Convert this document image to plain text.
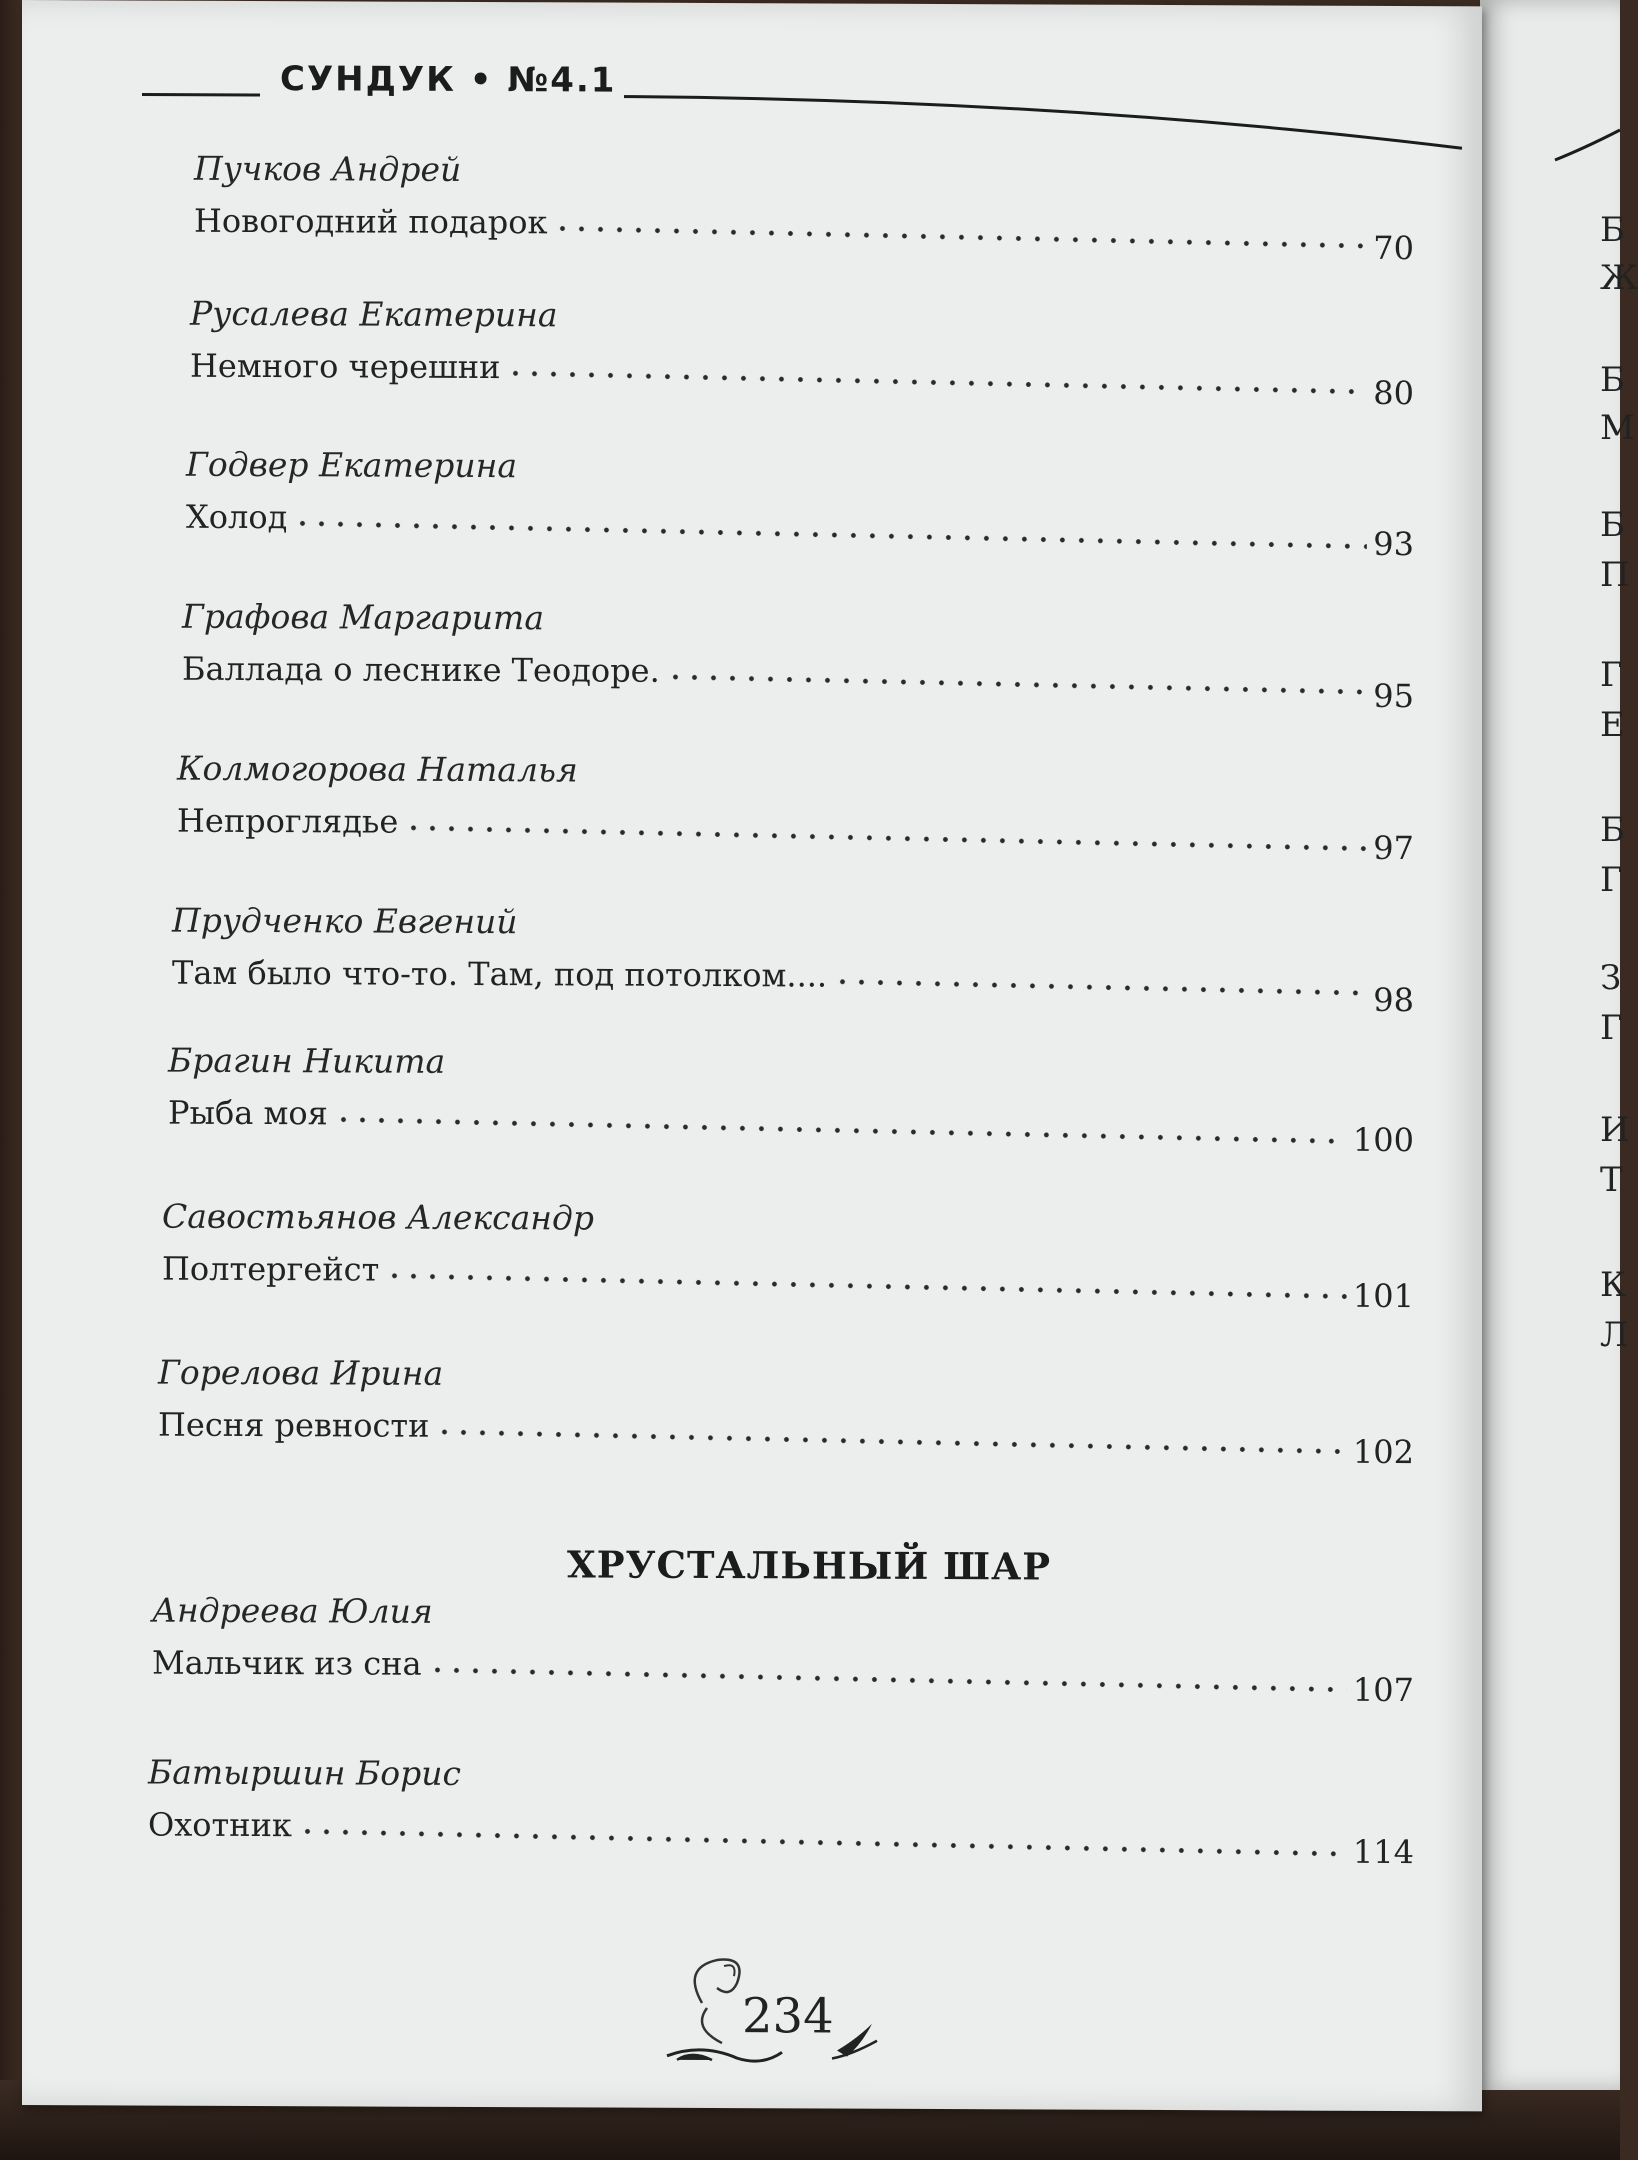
Б
Ж
Б
М
Б
П
Г
Е
Б
Г
З
Г
И
Т
К
Л
СУНДУК • №4.1
Пучков Андрей
Новогодний подарок
70
Русалева Екатерина
Немного черешни
80
Годвер Екатерина
Холод
93
Графова Маргарита
Баллада о леснике Теодоре.
95
Колмогорова Наталья
Непроглядье
97
Прудченко Евгений
Там было что-то. Там, под потолком....
98
Брагин Никита
Рыба моя
100
Савостьянов Александр
Полтергейст
101
Горелова Ирина
Песня ревности
102
ХРУСТАЛЬНЫЙ ШАР
Андреева Юлия
Мальчик из сна
107
Батыршин Борис
Охотник
114
234
